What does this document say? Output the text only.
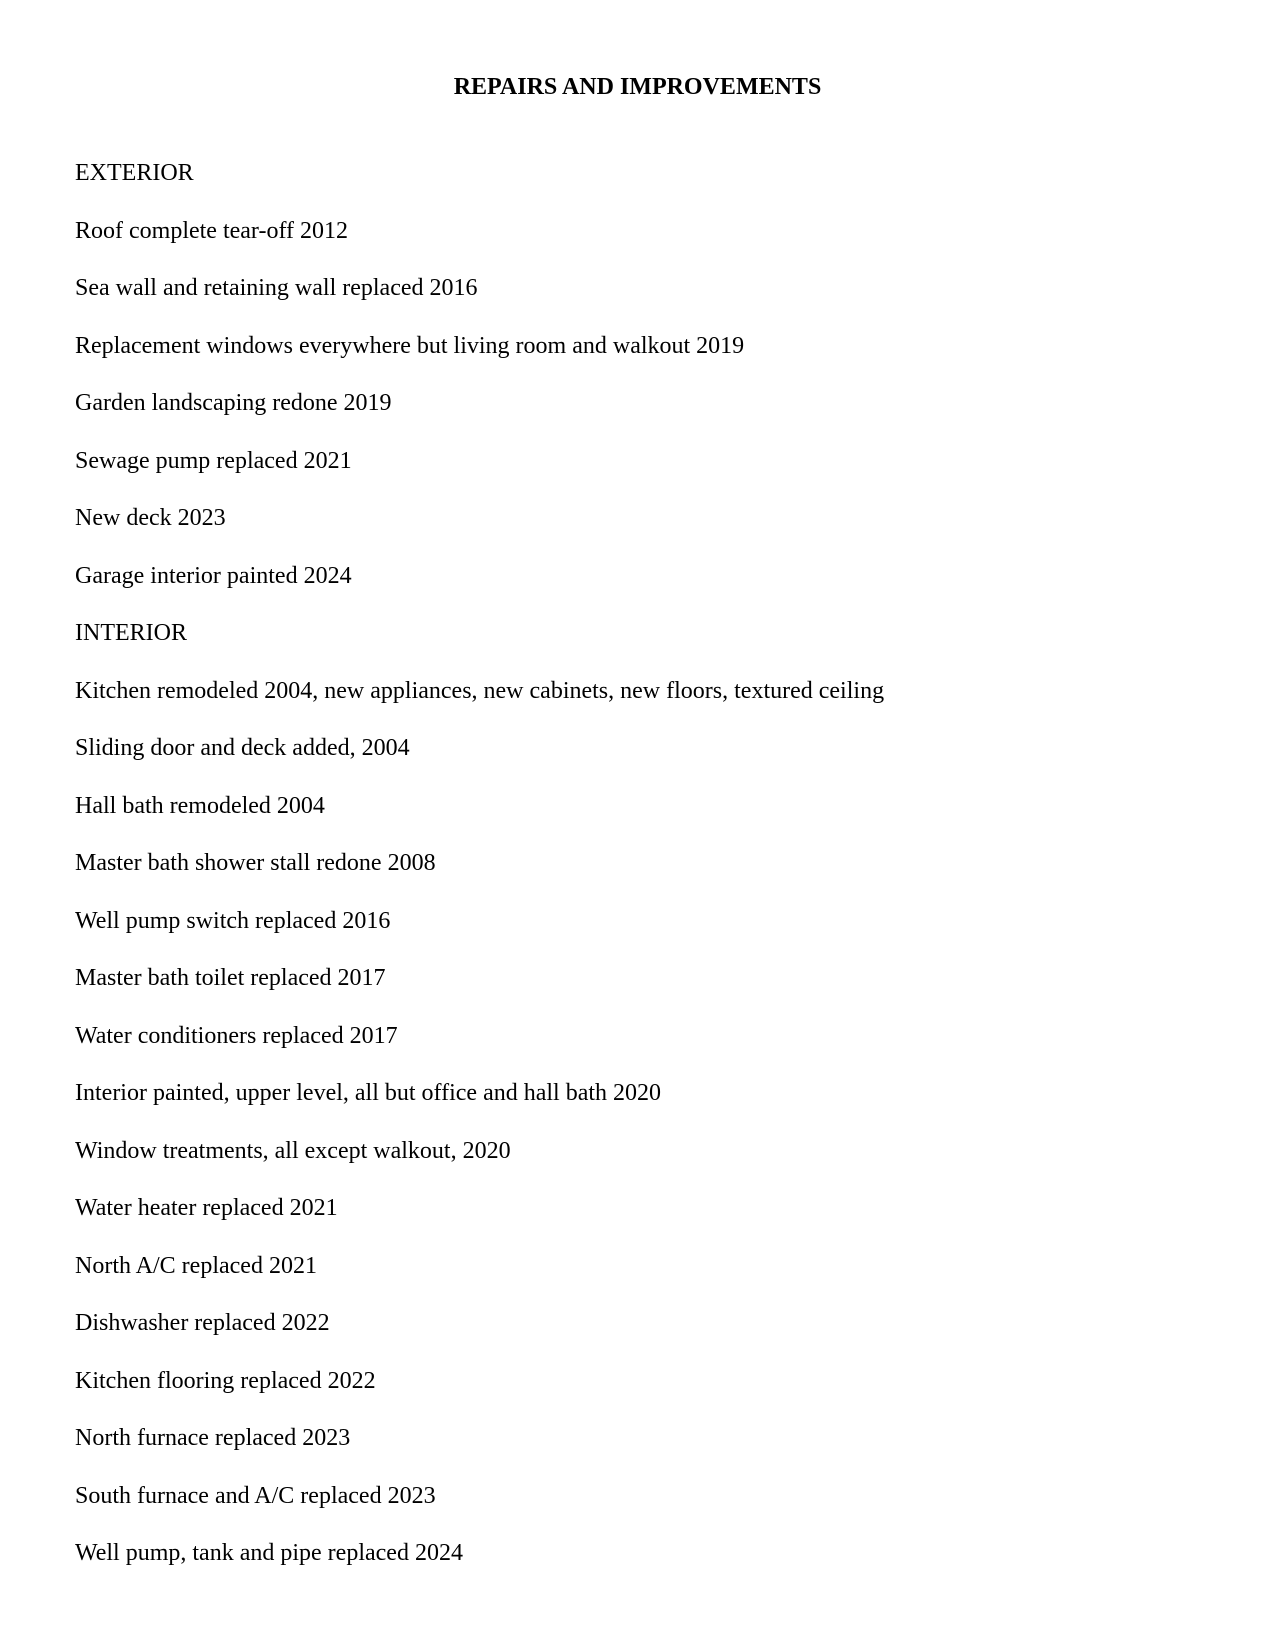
REPAIRS AND IMPROVEMENTS
EXTERIOR
Roof complete tear-off 2012
Sea wall and retaining wall replaced 2016
Replacement windows everywhere but living room and walkout 2019
Garden landscaping redone 2019
Sewage pump replaced 2021
New deck 2023
Garage interior painted 2024
INTERIOR
Kitchen remodeled 2004, new appliances, new cabinets, new floors, textured ceiling
Sliding door and deck added, 2004
Hall bath remodeled 2004
Master bath shower stall redone 2008
Well pump switch replaced 2016
Master bath toilet replaced 2017
Water conditioners replaced 2017
Interior painted, upper level, all but office and hall bath 2020
Window treatments, all except walkout, 2020
Water heater replaced 2021
North A/C replaced 2021
Dishwasher replaced 2022
Kitchen flooring replaced 2022
North furnace replaced 2023
South furnace and A/C replaced 2023
Well pump, tank and pipe replaced 2024
